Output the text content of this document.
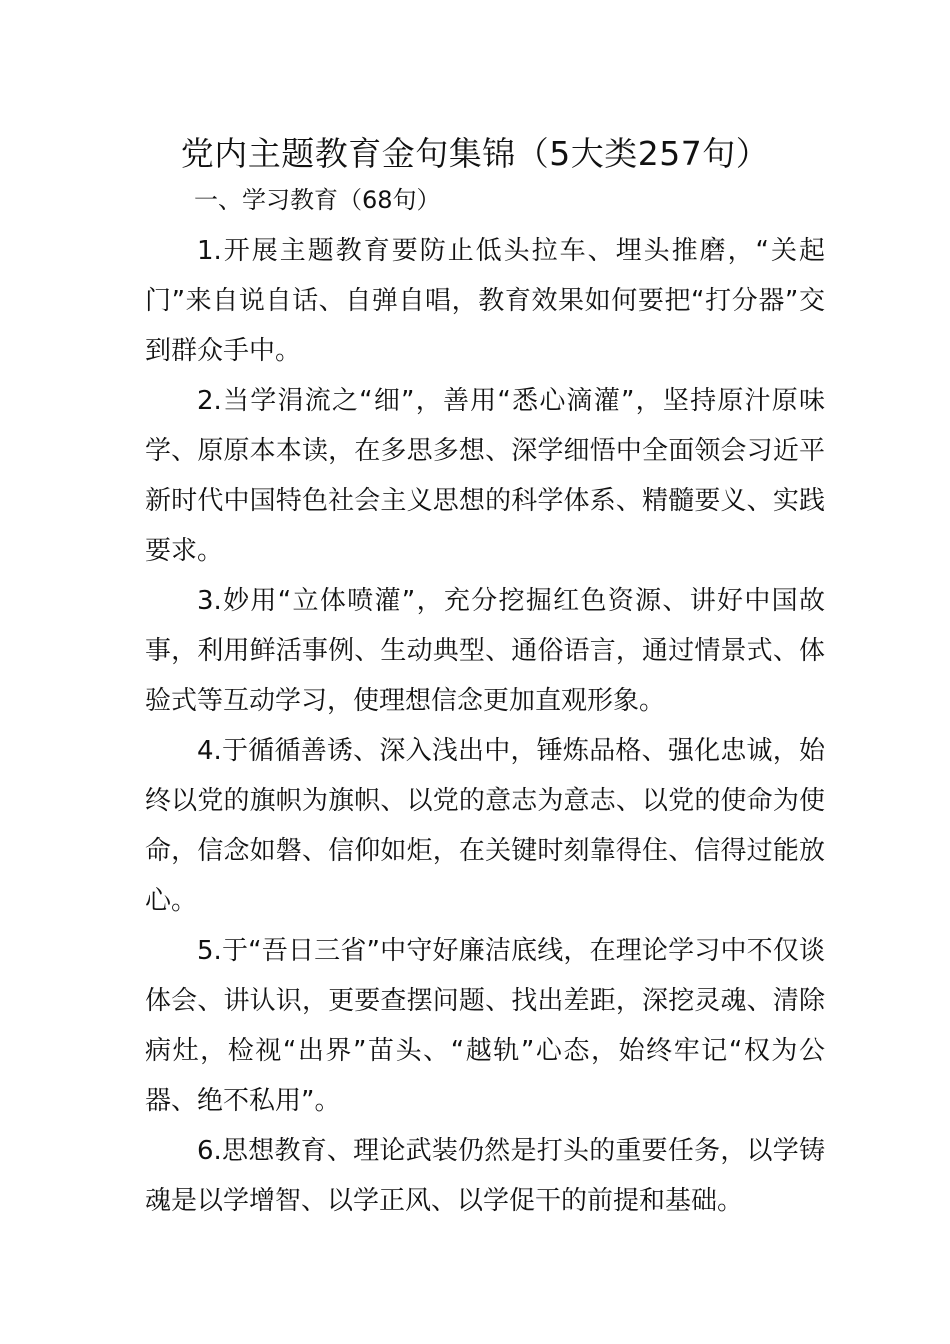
党内主题教育金句集锦（5大类257句）
一、学习教育（68句）

1.开展主题教育要防止低头拉车、埋头推磨，“关起门”来自说自话、自弹自唱，教育效果如何要把“打分器”交到群众手中。

2.当学涓流之“细”，善用“悉心滴灌”，坚持原汁原味学、原原本本读，在多思多想、深学细悟中全面领会习近平新时代中国特色社会主义思想的科学体系、精髓要义、实践要求。

3.妙用“立体喷灌”，充分挖掘红色资源、讲好中国故事，利用鲜活事例、生动典型、通俗语言，通过情景式、体验式等互动学习，使理想信念更加直观形象。

4.于循循善诱、深入浅出中，锤炼品格、强化忠诚，始终以党的旗帜为旗帜、以党的意志为意志、以党的使命为使命，信念如磐、信仰如炬，在关键时刻靠得住、信得过能放心。

5.于“吾日三省”中守好廉洁底线，在理论学习中不仅谈体会、讲认识，更要查摆问题、找出差距，深挖灵魂、清除病灶，检视“出界”苗头、“越轨”心态，始终牢记“权为公器、绝不私用”。

6.思想教育、理论武装仍然是打头的重要任务，以学铸魂是以学增智、以学正风、以学促干的前提和基础。
